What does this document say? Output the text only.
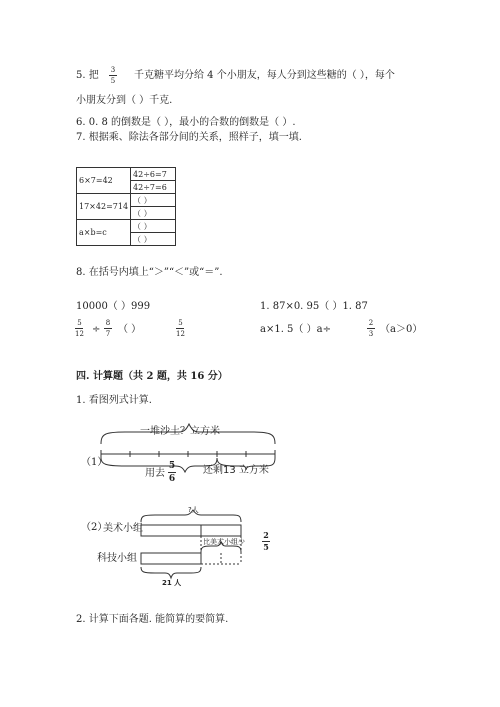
5. 把 3
5 千克糖平均分给 4 个小朋友，每人分到这些糖的（ ），每个
小朋友分到（ ）千克.
6. 0. 8 的倒数是（ ），最小的合数的倒数是（ ）.
7. 根据乘、除法各部分间的关系，照样子，填一填.
6×7=42	42÷6=7
	42÷7=6
17×42=714	（ ）
	（ ）
a×b=c	（ ）
	（ ）
8. 在括号内填上“＞”“＜”或“＝”.
10000（ ）999	1. 87×0. 95（ ）1. 87
5
12 ÷
8
7 （ ）
5
12	a×1. 5（ ）a÷
2
3 （a＞0）
四. 计算题（共 2 题，共 16 分）
1. 看图列式计算.
（1）
一堆沙土？立方米
用去
5
6
还剩13 立方米
（2）
?人
美术小组
科技小组
比美术小组少
2
5
21 人
2. 计算下面各题. 能简算的要简算.
